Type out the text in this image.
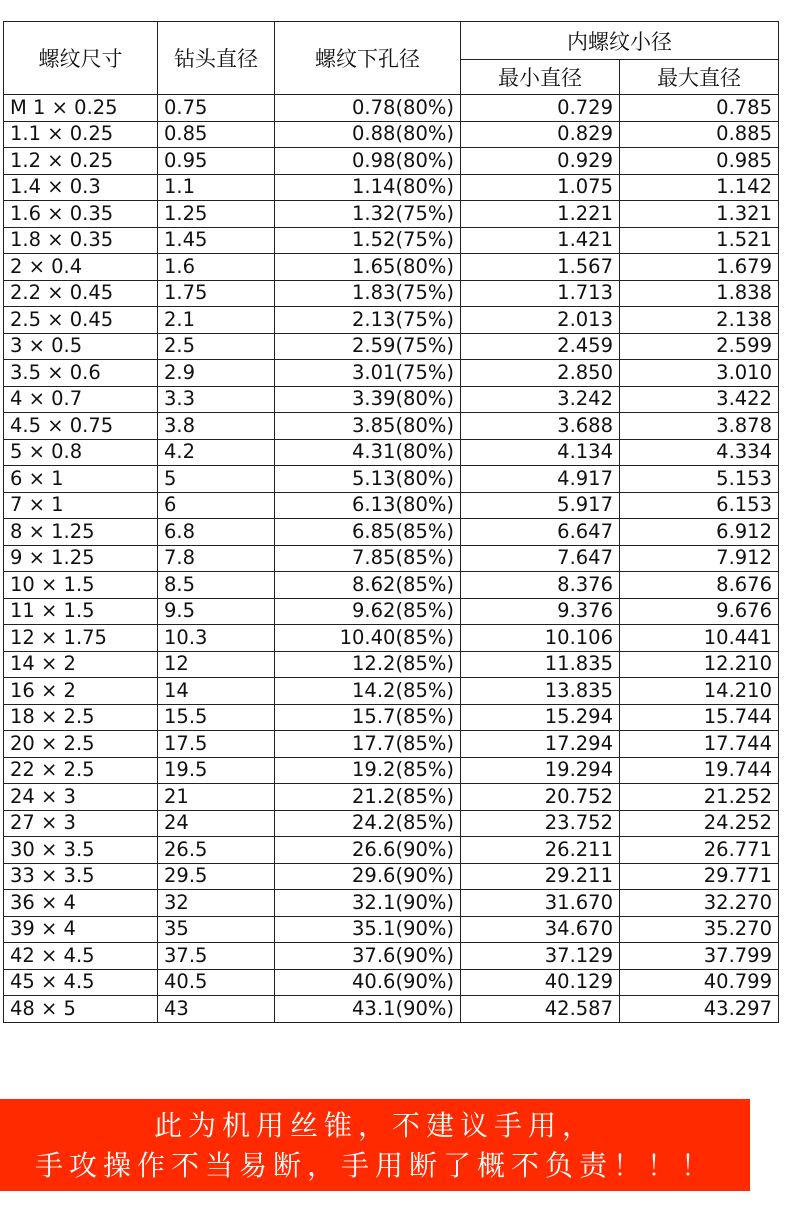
螺纹尺寸	钻头直径	螺纹下孔径	内螺纹小径	
			最小直径	最大直径
M 1 × 0.25	0.75	0.78(80%)	0.729	0.785
1.1 × 0.25	0.85	0.88(80%)	0.829	0.885
1.2 × 0.25	0.95	0.98(80%)	0.929	0.985
1.4 × 0.3	1.1	1.14(80%)	1.075	1.142
1.6 × 0.35	1.25	1.32(75%)	1.221	1.321
1.8 × 0.35	1.45	1.52(75%)	1.421	1.521
2 × 0.4	1.6	1.65(80%)	1.567	1.679
2.2 × 0.45	1.75	1.83(75%)	1.713	1.838
2.5 × 0.45	2.1	2.13(75%)	2.013	2.138
3 × 0.5	2.5	2.59(75%)	2.459	2.599
3.5 × 0.6	2.9	3.01(75%)	2.850	3.010
4 × 0.7	3.3	3.39(80%)	3.242	3.422
4.5 × 0.75	3.8	3.85(80%)	3.688	3.878
5 × 0.8	4.2	4.31(80%)	4.134	4.334
6 × 1	5	5.13(80%)	4.917	5.153
7 × 1	6	6.13(80%)	5.917	6.153
8 × 1.25	6.8	6.85(85%)	6.647	6.912
9 × 1.25	7.8	7.85(85%)	7.647	7.912
10 × 1.5	8.5	8.62(85%)	8.376	8.676
11 × 1.5	9.5	9.62(85%)	9.376	9.676
12 × 1.75	10.3	10.40(85%)	10.106	10.441
14 × 2	12	12.2(85%)	11.835	12.210
16 × 2	14	14.2(85%)	13.835	14.210
18 × 2.5	15.5	15.7(85%)	15.294	15.744
20 × 2.5	17.5	17.7(85%)	17.294	17.744
22 × 2.5	19.5	19.2(85%)	19.294	19.744
24 × 3	21	21.2(85%)	20.752	21.252
27 × 3	24	24.2(85%)	23.752	24.252
30 × 3.5	26.5	26.6(90%)	26.211	26.771
33 × 3.5	29.5	29.6(90%)	29.211	29.771
36 × 4	32	32.1(90%)	31.670	32.270
39 × 4	35	35.1(90%)	34.670	35.270
42 × 4.5	37.5	37.6(90%)	37.129	37.799
45 × 4.5	40.5	40.6(90%)	40.129	40.799
48 × 5	43	43.1(90%)	42.587	43.297
此为机用丝锥，不建议手用，
手攻操作不当易断，手用断了概不负责！！！
